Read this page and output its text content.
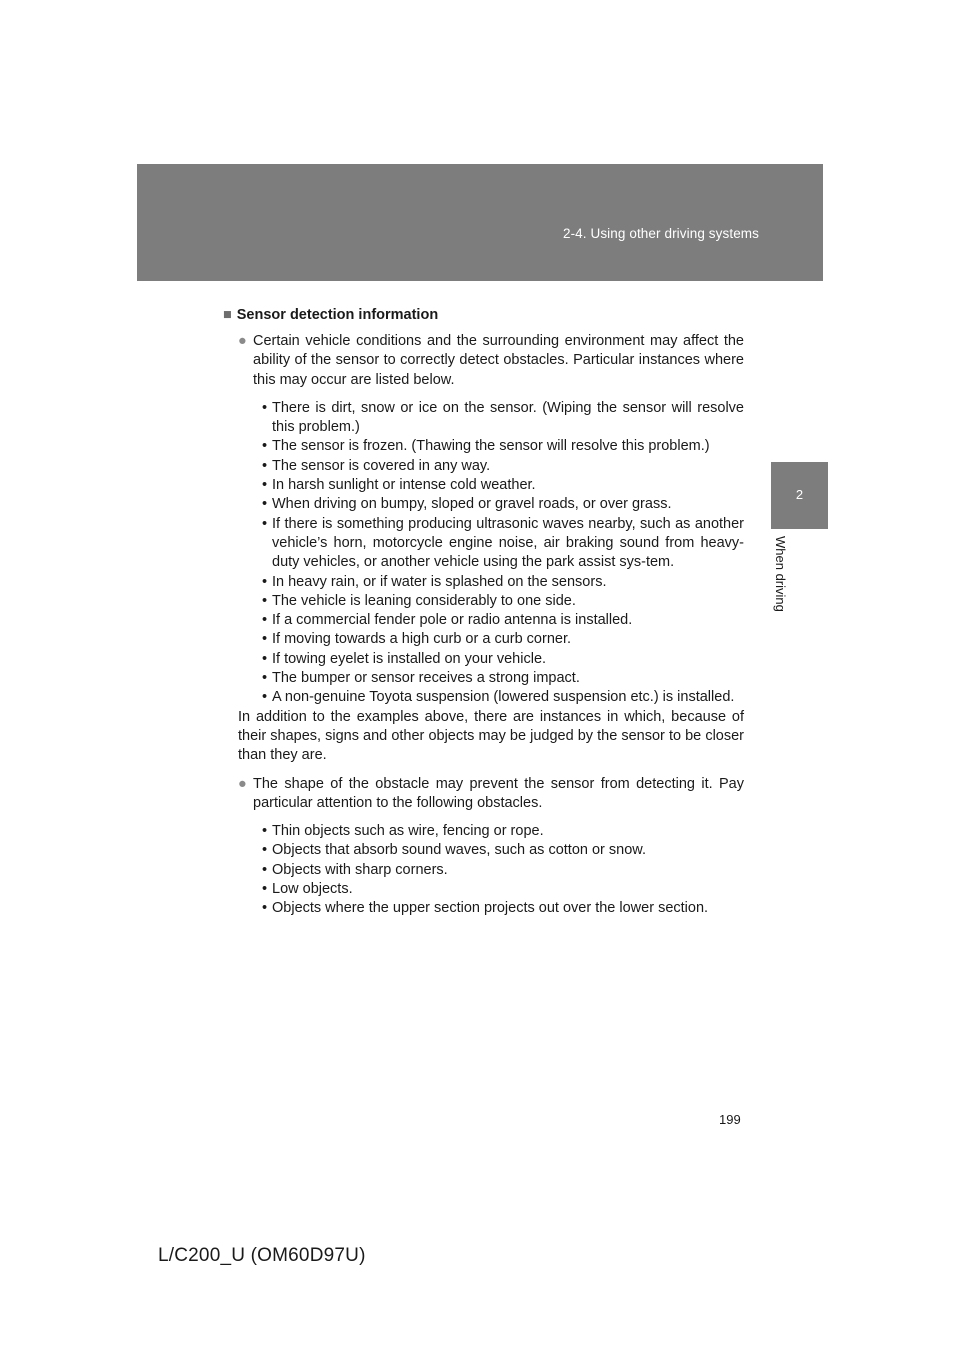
2-4. Using other driving systems
2
When driving
■ Sensor detection information

● Certain vehicle conditions and the surrounding environment may affect the ability of the sensor to correctly detect obstacles. Particular instances where this may occur are listed below.

• There is dirt, snow or ice on the sensor. (Wiping the sensor will resolve this problem.)
• The sensor is frozen. (Thawing the sensor will resolve this problem.)
• The sensor is covered in any way.
• In harsh sunlight or intense cold weather.
• When driving on bumpy, sloped or gravel roads, or over grass.
• If there is something producing ultrasonic waves nearby, such as another vehicle’s horn, motorcycle engine noise, air braking sound from heavy-duty vehicles, or another vehicle using the park assist sys-tem.
• In heavy rain, or if water is splashed on the sensors.
• The vehicle is leaning considerably to one side.
• If a commercial fender pole or radio antenna is installed.
• If moving towards a high curb or a curb corner.
• If towing eyelet is installed on your vehicle.
• The bumper or sensor receives a strong impact.
• A non-genuine Toyota suspension (lowered suspension etc.) is installed.

In addition to the examples above, there are instances in which, because of their shapes, signs and other objects may be judged by the sensor to be closer than they are.

● The shape of the obstacle may prevent the sensor from detecting it. Pay particular attention to the following obstacles.

• Thin objects such as wire, fencing or rope.
• Objects that absorb sound waves, such as cotton or snow.
• Objects with sharp corners.
• Low objects.
• Objects where the upper section projects out over the lower section.
199
L/C200_U (OM60D97U)
